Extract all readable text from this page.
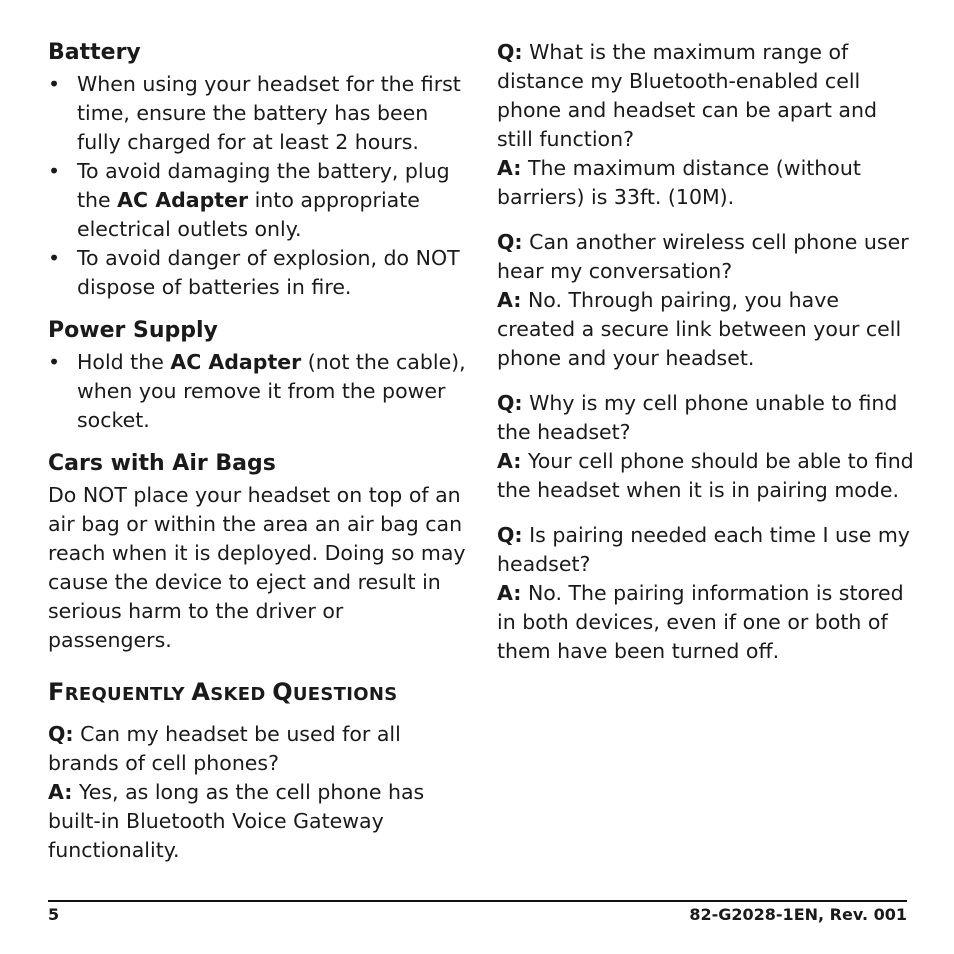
Battery
• When using your headset for the first time, ensure the battery has been fully charged for at least 2 hours.
• To avoid damaging the battery, plug the AC Adapter into appropriate electrical outlets only.
• To avoid danger of explosion, do NOT dispose of batteries in fire.
Power Supply
• Hold the AC Adapter (not the cable), when you remove it from the power socket.
Cars with Air Bags
Do NOT place your headset on top of an air bag or within the area an air bag can reach when it is deployed. Doing so may cause the device to eject and result in serious harm to the driver or passengers.
FREQUENTLY ASKED QUESTIONS

Q: Can my headset be used for all brands of cell phones?

A: Yes, as long as the cell phone has built-in Bluetooth Voice Gateway functionality.

Q: What is the maximum range of distance my Bluetooth-enabled cell phone and headset can be apart and still function?

A: The maximum distance (without barriers) is 33ft. (10M).

Q: Can another wireless cell phone user hear my conversation?

A: No. Through pairing, you have created a secure link between your cell phone and your headset.

Q: Why is my cell phone unable to find the headset?

A: Your cell phone should be able to find the headset when it is in pairing mode.

Q: Is pairing needed each time I use my headset?

A: No. The pairing information is stored in both devices, even if one or both of them have been turned off.

5	82-G2028-1EN, Rev. 001
